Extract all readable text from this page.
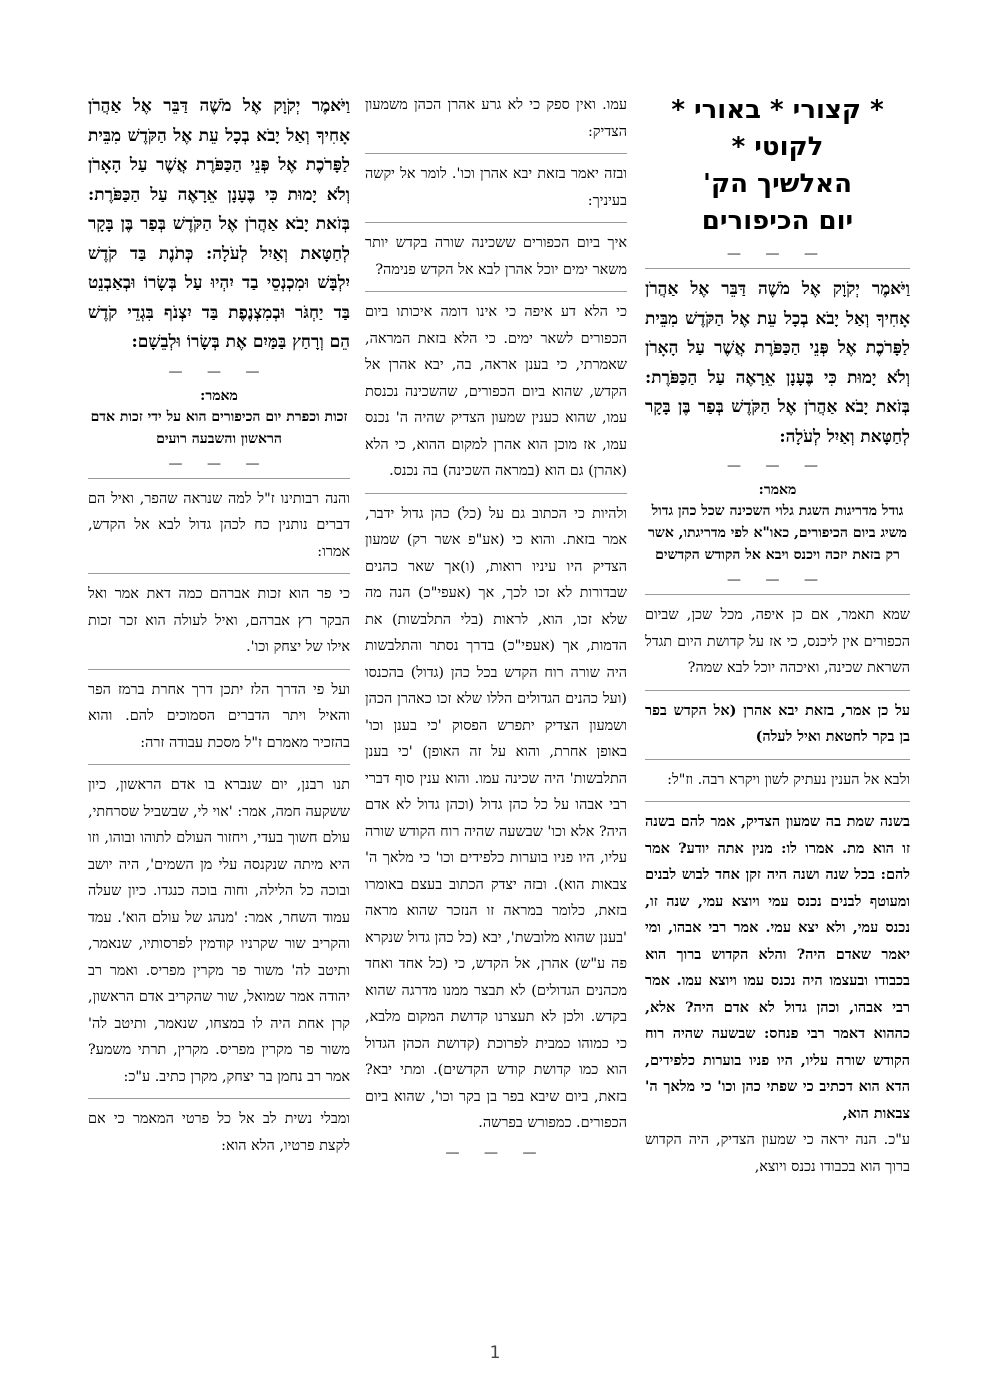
* קצורי * באורי * לקוטי *
האלשיך הק'
יום הכיפורים
— — —

וַיֹּאמֶר יְקֹוָק אֶל מֹשֶׁה דַּבֵּר אֶל אַהֲרֹן אָחִיךָ וְאַל יָבֹא בְכָל עֵת אֶל הַקֹּדֶשׁ מִבֵּית לַפָּרֹכֶת אֶל פְּנֵי הַכַּפֹּרֶת אֲשֶׁר עַל הָאָרֹן וְלֹא יָמוּת כִּי בֶּעָנָן אֵרָאֶה עַל הַכַּפֹּרֶת: בְּזֹאת יָבֹא אַהֲרֹן אֶל הַקֹּדֶשׁ בְּפַר בֶּן בָּקָר לְחַטָּאת וְאַיִל לְעֹלָה:

— — —
מאמר:
גודל מדריגות השגת גלוי השכינה שכל כהן גדול משיג ביום הכיפורים, כאו"א לפי מדריגתו, אשר רק בזאת יזכה ויכנס ויבא אל הקודש הקדשים
— — —

שמא תאמר, אם כן איפה, מכל שכן, שביום הכפורים אין ליכנס, כי אז על קדושת היום תגדל השראת שכינה, ואיכהה יוכל לבא שמה?

על כן אמר, בזאת יבא אהרן (אל הקדש בפר בן בקר לחטאת ואיל לעלה)

ולבא אל הענין נעתיק לשון ויקרא רבה. וז"ל:

בשנה שמת בה שמעון הצדיק, אמר להם בשנה זו הוא מת. אמרו לו: מנין אתה יודע? אמר להם: בכל שנה ושנה היה זקן אחד לבוש לבנים ומעוטף לבנים נכנס עמי ויוצא עמי, שנה זו, נכנס עמי, ולא יצא עמי. אמר רבי אבהו, ומי יאמר שאדם היה? והלא הקדוש ברוך הוא בכבודו ובעצמו היה נכנס עמו ויוצא עמו. אמר רבי אבהו, וכהן גדול לא אדם היה? אלא, כההוא דאמר רבי פנחס: שבשעה שהיה רוח הקודש שורה עליו, היו פניו בוערות כלפידים, הדא הוא דכתיב כי שפתי כהן וכו' כי מלאך ה' צבאות הוא,

ע"כ. הנה יראה כי שמעון הצדיק, היה הקדוש ברוך הוא בכבודו נכנס ויוצא,

עמו. ואין ספק כי לא גרע אהרן הכהן משמעון הצדיק:

ובזה יאמר בזאת יבא אהרן וכו'. לומר אל יקשה בעיניך:

איך ביום הכפורים ששכינה שורה בקדש יותר משאר ימים יוכל אהרן לבא אל הקדש פנימה?

כי הלא דע איפה כי אינו דומה איכותו ביום הכפורים לשאר ימים. כי הלא בזאת המראה, שאמרתי, כי בענן אראה, בה, יבא אהרן אל הקדש, שהוא ביום הכפורים, שהשכינה נכנסת עמו, שהוא כענין שמעון הצדיק שהיה ה' נכנס עמו, אז מוכן הוא אהרן למקום ההוא, כי הלא (אהרן) גם הוא (במראה השכינה) בה נכנס.

ולהיות כי הכתוב גם על (כל) כהן גדול ידבר, אמר בזאת. והוא כי (אע"פ אשר רק) שמעון הצדיק היו עיניו רואות, (ו)אך שאר כהנים שבדורות לא זכו לכך, אך (אעפי"כ) הנה מה שלא זכו, הוא, לראות (בלי התלבשות) את הדמות, אך (אעפי"כ) בדרך נסתר והתלבשות היה שורה רוח הקדש בכל כהן (גדול) בהכנסו (ועל כהנים הגדולים הללו שלא זכו כאהרן הכהן ושמעון הצדיק יתפרש הפסוק 'כי בענן וכו' באופן אחרת, והוא על זה האופן) 'כי בענן התלבשות' היה שכינה עמו. והוא ענין סוף דברי רבי אבהו על כל כהן גדול (וכהן גדול לא אדם היה? אלא וכו' שבשעה שהיה רוח הקודש שורה עליו, היו פניו בוערות כלפידים וכו' כי מלאך ה' צבאות הוא). ובזה יצדק הכתוב בעצם באומרו בזאת, כלומר במראה זו הנזכר שהוא מראה 'בענן שהוא מלובשת', יבא (כל כהן גדול שנקרא פה ע"ש) אהרן, אל הקדש, כי (כל אחד ואחד מכהנים הגדולים) לא תבצר ממנו מדרגה שהוא בקדש. ולכן לא תעצרנו קדושת המקום מלבא, כי כמוהו כמבית לפרוכת (קדושת הכהן הגדול הוא כמו קדושת קודש הקדשים). ומתי יבא? בזאת, ביום שיבא בפר בן בקר וכו', שהוא ביום הכפורים. כמפורש בפרשה.

— — —

וַיֹּאמֶר יְקֹוָק אֶל מֹשֶׁה דַּבֵּר אֶל אַהֲרֹן אָחִיךָ וְאַל יָבֹא בְכָל עֵת אֶל הַקֹּדֶשׁ מִבֵּית לַפָּרֹכֶת אֶל פְּנֵי הַכַּפֹּרֶת אֲשֶׁר עַל הָאָרֹן וְלֹא יָמוּת כִּי בֶּעָנָן אֵרָאֶה עַל הַכַּפֹּרֶת: בְּזֹאת יָבֹא אַהֲרֹן אֶל הַקֹּדֶשׁ בְּפַר בֶּן בָּקָר לְחַטָּאת וְאַיִל לְעֹלָה: כְּתֹנֶת בַּד קֹדֶשׁ יִלְבָּשׁ וּמִכְנְסֵי בַד יִהְיוּ עַל בְּשָׂרוֹ וּבְאַבְנֵט בַּד יַחְגֹּר וּבְמִצְנֶפֶת בַּד יִצְנֹף בִּגְדֵי קֹדֶשׁ הֵם וְרָחַץ בַּמַּיִם אֶת בְּשָׂרוֹ וּלְבֵשָׁם:

— — —
מאמר:
זכות וכפרת יום הכיפורים הוא על ידי זכות אדם הראשון והשבעה רועים
— — —

והנה רבותינו ז"ל למה שנראה שהפר, ואיל הם דברים נותנין כח לכהן גדול לבא אל הקדש, אמרו:

כי פר הוא זכות אברהם כמה דאת אמר ואל הבקר רץ אברהם, ואיל לעולה הוא זכר זכות אילו של יצחק וכו'.

ועל פי הדרך הלז יתכן דרך אחרת ברמז הפר והאיל ויתר הדברים הסמוכים להם. והוא בהזכיר מאמרם ז"ל מסכת עבודה זרה:

תנו רבנן, יום שנברא בו אדם הראשון, כיון ששקעה חמה, אמר: 'אוי לי, שבשביל שסרחתי, עולם חשוך בעדי, ויחזור העולם לתוהו ובוהו, וזו היא מיתה שנקנסה עלי מן השמים', היה יושב ובוכה כל הלילה, וחוה בוכה כנגדו. כיון שעלה עמוד השחר, אמר: 'מנהג של עולם הוא'. עמד והקריב שור שקרניו קודמין לפרסותיו, שנאמר, ותיטב לה' משור פר מקרין מפריס. ואמר רב יהודה אמר שמואל, שור שהקריב אדם הראשון, קרן אחת היה לו במצחו, שנאמר, ותיטב לה' משור פר מקרין מפריס. מקרין, תרתי משמע? אמר רב נחמן בר יצחק, מקרן כתיב. ע"כ:

ומבלי נשית לב אל כל פרטי המאמר כי אם לקצת פרטיו, הלא הוא:

1
